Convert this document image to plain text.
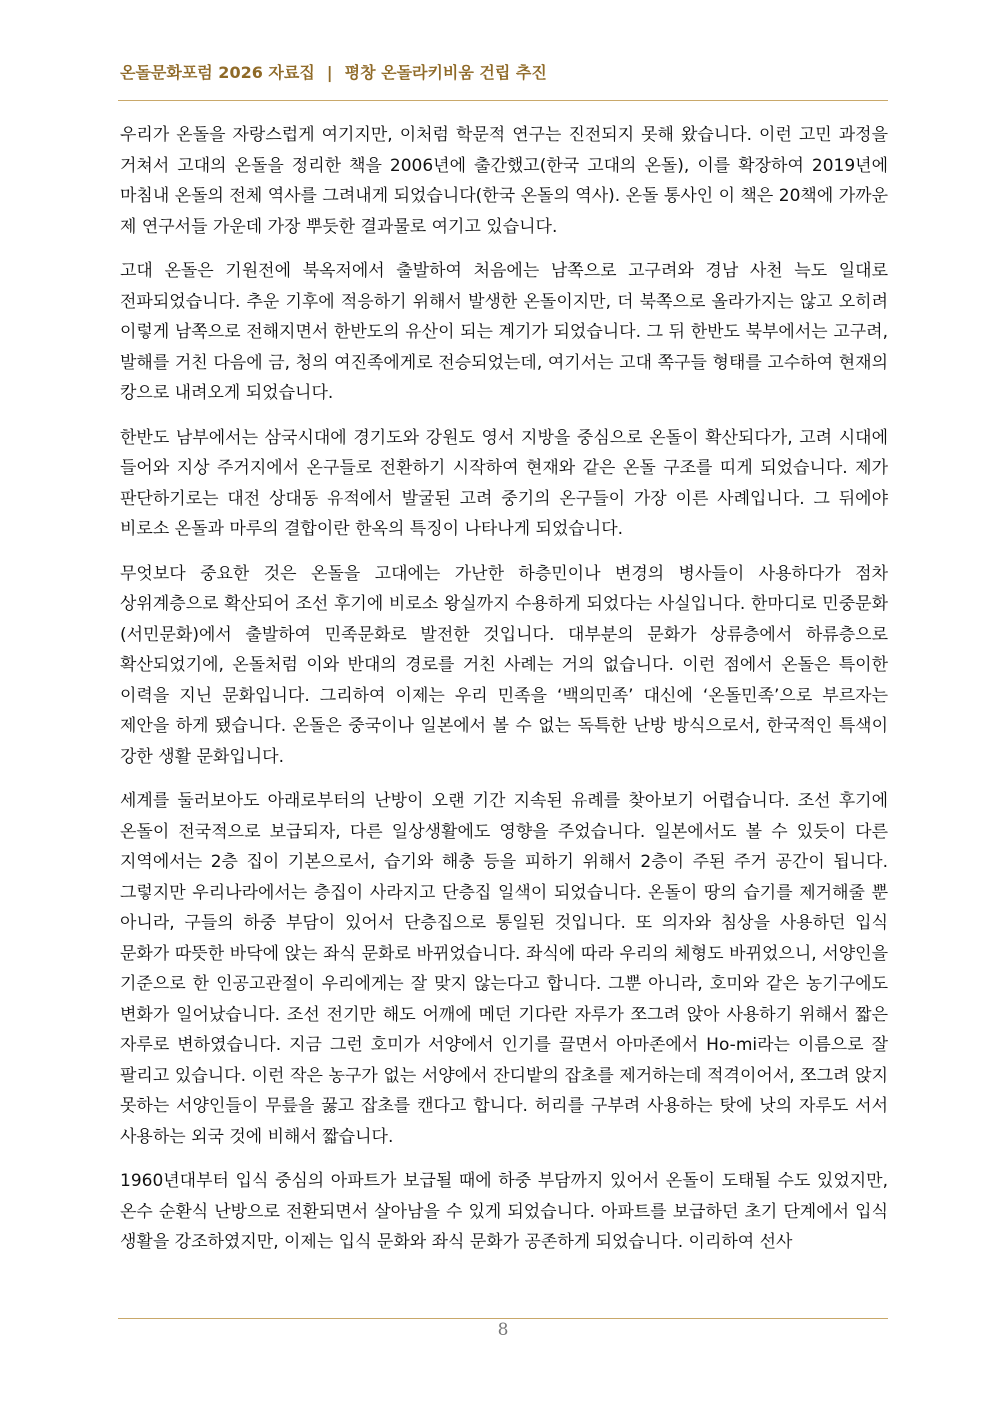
온돌문화포럼 2026 자료집 | 평창 온돌라키비움 건립 추진

우리가 온돌을 자랑스럽게 여기지만, 이처럼 학문적 연구는 진전되지 못해 왔습니다. 이런 고민 과정을 거쳐서 고대의 온돌을 정리한 책을 2006년에 출간했고(한국 고대의 온돌), 이를 확장하여 2019년에 마침내 온돌의 전체 역사를 그려내게 되었습니다(한국 온돌의 역사). 온돌 통사인 이 책은 20책에 가까운 제 연구서들 가운데 가장 뿌듯한 결과물로 여기고 있습니다.

고대 온돌은 기원전에 북옥저에서 출발하여 처음에는 남쪽으로 고구려와 경남 사천 늑도 일대로 전파되었습니다. 추운 기후에 적응하기 위해서 발생한 온돌이지만, 더 북쪽으로 올라가지는 않고 오히려 이렇게 남쪽으로 전해지면서 한반도의 유산이 되는 계기가 되었습니다. 그 뒤 한반도 북부에서는 고구려, 발해를 거친 다음에 금, 청의 여진족에게로 전승되었는데, 여기서는 고대 쪽구들 형태를 고수하여 현재의 캉으로 내려오게 되었습니다.

한반도 남부에서는 삼국시대에 경기도와 강원도 영서 지방을 중심으로 온돌이 확산되다가, 고려 시대에 들어와 지상 주거지에서 온구들로 전환하기 시작하여 현재와 같은 온돌 구조를 띠게 되었습니다. 제가 판단하기로는 대전 상대동 유적에서 발굴된 고려 중기의 온구들이 가장 이른 사례입니다. 그 뒤에야 비로소 온돌과 마루의 결합이란 한옥의 특징이 나타나게 되었습니다.

무엇보다 중요한 것은 온돌을 고대에는 가난한 하층민이나 변경의 병사들이 사용하다가 점차 상위계층으로 확산되어 조선 후기에 비로소 왕실까지 수용하게 되었다는 사실입니다. 한마디로 민중문화(서민문화)에서 출발하여 민족문화로 발전한 것입니다. 대부분의 문화가 상류층에서 하류층으로 확산되었기에, 온돌처럼 이와 반대의 경로를 거친 사례는 거의 없습니다. 이런 점에서 온돌은 특이한 이력을 지닌 문화입니다. 그리하여 이제는 우리 민족을 ‘백의민족’ 대신에 ‘온돌민족’으로 부르자는 제안을 하게 됐습니다. 온돌은 중국이나 일본에서 볼 수 없는 독특한 난방 방식으로서, 한국적인 특색이 강한 생활 문화입니다.

세계를 둘러보아도 아래로부터의 난방이 오랜 기간 지속된 유례를 찾아보기 어렵습니다. 조선 후기에 온돌이 전국적으로 보급되자, 다른 일상생활에도 영향을 주었습니다. 일본에서도 볼 수 있듯이 다른 지역에서는 2층 집이 기본으로서, 습기와 해충 등을 피하기 위해서 2층이 주된 주거 공간이 됩니다. 그렇지만 우리나라에서는 층집이 사라지고 단층집 일색이 되었습니다. 온돌이 땅의 습기를 제거해줄 뿐 아니라, 구들의 하중 부담이 있어서 단층집으로 통일된 것입니다. 또 의자와 침상을 사용하던 입식 문화가 따뜻한 바닥에 앉는 좌식 문화로 바뀌었습니다. 좌식에 따라 우리의 체형도 바뀌었으니, 서양인을 기준으로 한 인공고관절이 우리에게는 잘 맞지 않는다고 합니다. 그뿐 아니라, 호미와 같은 농기구에도 변화가 일어났습니다. 조선 전기만 해도 어깨에 메던 기다란 자루가 쪼그려 앉아 사용하기 위해서 짧은 자루로 변하였습니다. 지금 그런 호미가 서양에서 인기를 끌면서 아마존에서 Ho-mi라는 이름으로 잘 팔리고 있습니다. 이런 작은 농구가 없는 서양에서 잔디밭의 잡초를 제거하는데 적격이어서, 쪼그려 앉지 못하는 서양인들이 무릎을 꿇고 잡초를 캔다고 합니다. 허리를 구부려 사용하는 탓에 낫의 자루도 서서 사용하는 외국 것에 비해서 짧습니다.

1960년대부터 입식 중심의 아파트가 보급될 때에 하중 부담까지 있어서 온돌이 도태될 수도 있었지만, 온수 순환식 난방으로 전환되면서 살아남을 수 있게 되었습니다. 아파트를 보급하던 초기 단계에서 입식 생활을 강조하였지만, 이제는 입식 문화와 좌식 문화가 공존하게 되었습니다. 이리하여 선사

8
